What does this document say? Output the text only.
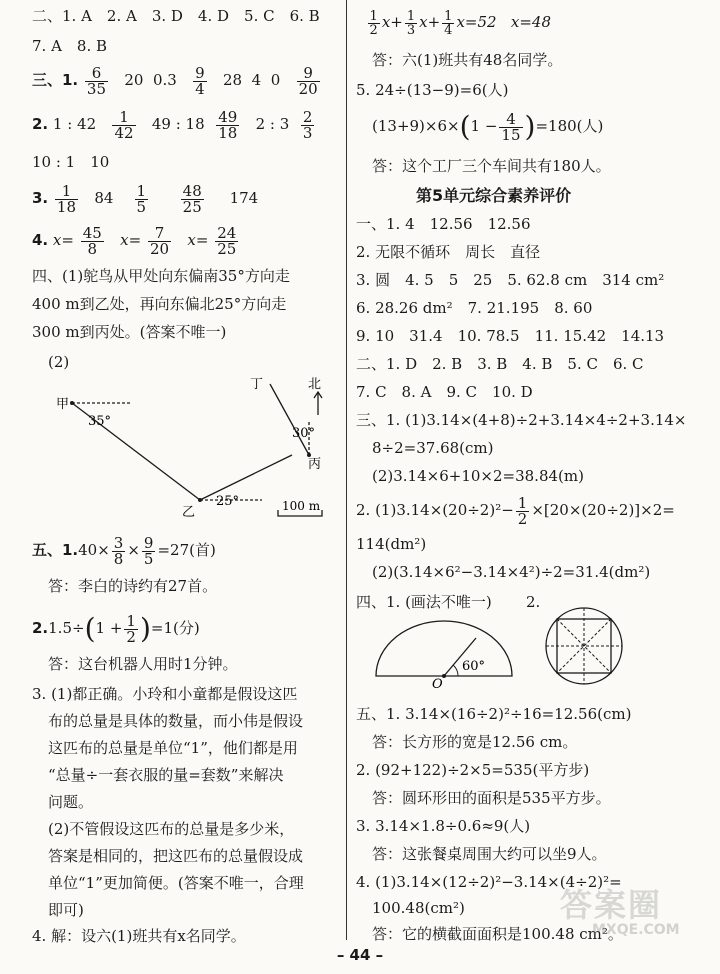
二、1. A　2. A　3. D　4. D　5. C　6. B
7. A　8. B
三、1. $\frac{6}{35} 20$ $0.3 \frac{9}{4} 28$ 4 $0 \frac{9}{20}$
2. 1 : $42 \frac{1}{42} 49$ : $18 \frac{49}{18} 2$ : $3 \frac{2}{3}$
10 : 1　10
3. $\frac{1}{18} 84 \frac{1}{5}$
$\frac{48}{25} 174$
4. $x= \frac{45}{8} x= \frac{7}{20} x= \frac{24}{25}$
四、(1)鸵鸟从甲处向东偏南35°方向走
400 m到乙处，再向东偏北25°方向走
300 m到丙处。(答案不唯一)
(2)
甲
35°
乙
25°
丙
30°
丁	北
100 m
五、$1.40\times \frac{3}{8} \times \frac{9}{5} =27$(首)
答：李白的诗约有27首。
$2.1.5\div(1 + \frac{1}{2} )=1$(分)
答：这台机器人用时1分钟。
3. (1)都正确。小玲和小童都是假设这匹
布的总量是具体的数量，而小伟是假设
这匹布的总量是单位“1”，他们都是用
“总量÷一套衣服的量=套数”来解决
问题。
(2)不管假设这匹布的总量是多少米，
答案是相同的，把这匹布的总量假设成
单位“1”更加简便。(答案不唯一，合理
即可)
4. 解：设六(1)班共有x名同学。

$\frac{1}{2} x+ \frac{1}{3} x+ \frac{1}{4} x=52$ x=48
答：六(1)班共有48名同学。
5. 24÷(13−9)=6(人)
$(13+9)\times 6\times(1 - \frac{4}{15} )=180$(人)
答：这个工厂三个车间共有180人。
第5单元综合素养评价
一、1. 4　12.56　12.56
2. 无限不循环　周长　直径
3. 圆　4. 5　5　25　5. 62.8 cm　314 cm²
6. 28.26 dm²　7. 21.195　8. 60
9. 10　31.4　10. 78.5　11. 15.42　14.13
二、1. D　2. B　3. B　4. B　5. C　6. C
7. C　8. A　9. C　10. D
三、1. (1)3.14×(4+8)÷2+3.14×4÷2+3.14×
8÷2=37.68(cm)
(2)3.14×6+10×2=38.84(m)
2. $(1)3.14\times(20\div 2)^2- \frac{1}{2} \times[20\times(20\div 2)]\times 2=$
114(dm²)
(2)(3.14×6²−3.14×4²)÷2=31.4(dm²)
四、1. (画法不唯一) 2.
60°
O
五、1. 3.14×(16÷2)²÷16=12.56(cm)
答：长方形的宽是12.56 cm。
2. (92+122)÷2×5=535(平方步)
答：圆环形田的面积是535平方步。
3. 3.14×1.8÷0.6≈9(人)
答：这张餐桌周围大约可以坐9人。
4. (1)3.14×(12÷2)²−3.14×(4÷2)²=
100.48(cm²)
答：它的横截面面积是100.48 cm²。
答案圈
MXQE.COM
– 44 –
